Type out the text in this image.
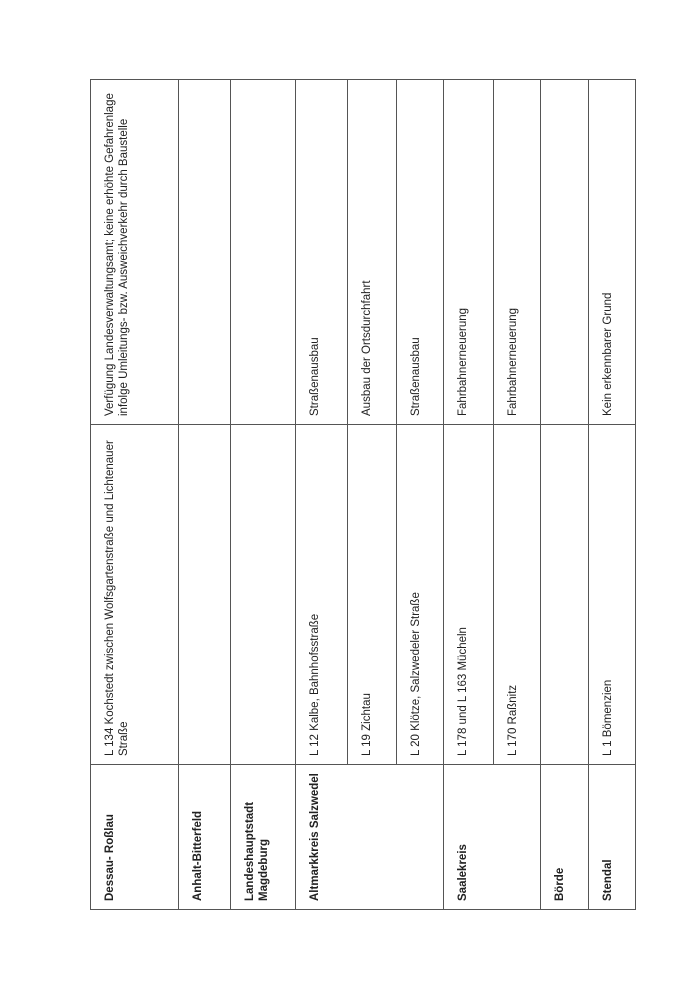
Dessau- Roßlau	L 134 Kochstedt zwischen Wolfsgartenstraße und Lichtenauer Straße	Verfügung Landesverwaltungsamt; keine erhöhte Gefahrenlage infolge Umleitungs- bzw. Ausweichverkehr durch Baustelle
Anhalt-Bitterfeld		
Landeshauptstadt Magdeburg		
Altmarkkreis Salzwedel	L 12 Kalbe, Bahnhofsstraße	Straßenausbau
	L 19 Zichtau	Ausbau der Ortsdurchfahrt
	L 20 Klötze, Salzwedeler Straße	Straßenausbau
Saalekreis	L 178 und L 163 Mücheln	Fahrbahnerneuerung
	L 170 Raßnitz	Fahrbahnerneuerung
Börde		
Stendal	L 1 Bömenzien	Kein erkennbarer Grund
